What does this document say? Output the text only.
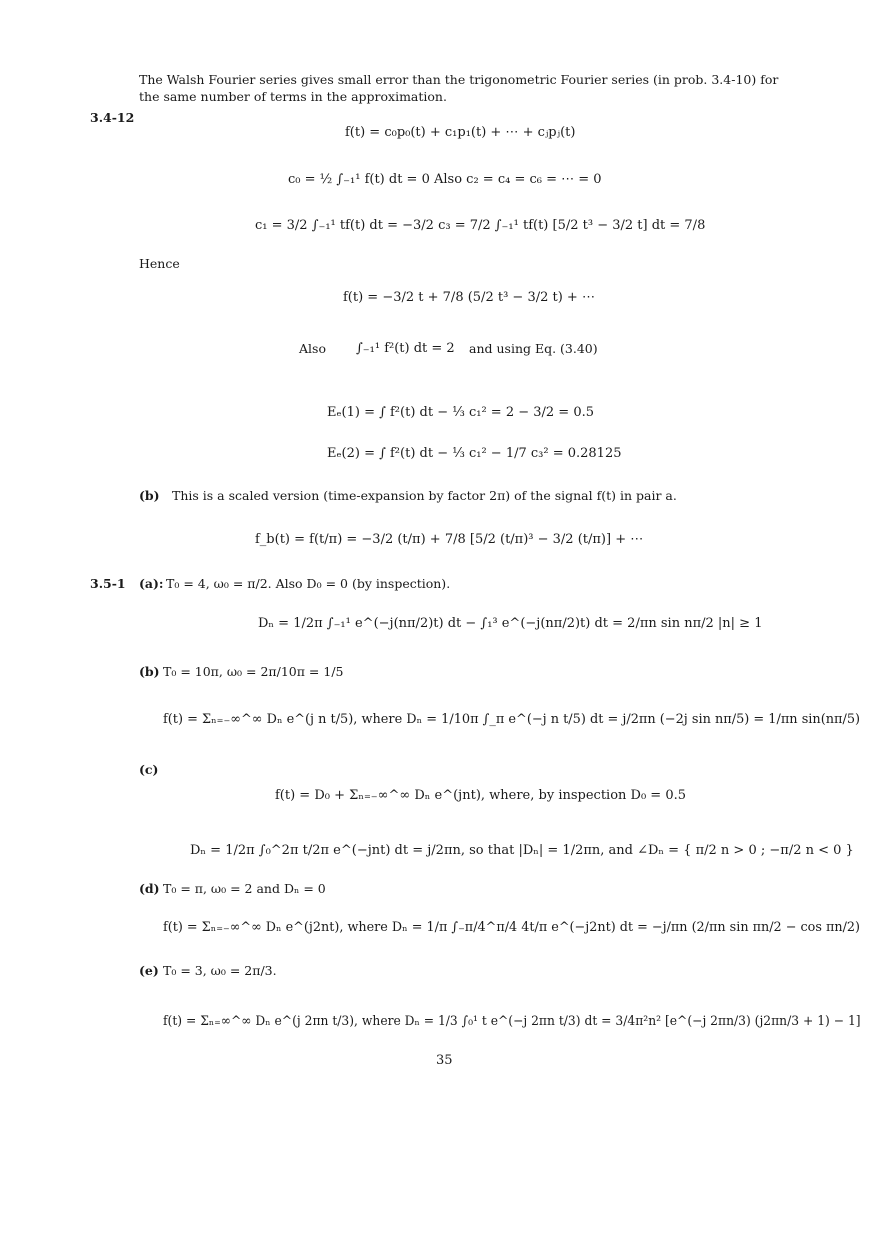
The Walsh Fourier series gives small error than the trigonometric Fourier series (in prob. 3.4-10) for the same number of terms in the approximation.
3.4-12
f(t) = c₀p₀(t) + c₁p₁(t) + ⋯ + cⱼpⱼ(t)
c₀ = ½ ∫₋₁¹ f(t) dt = 0 Also c₂ = c₄ = c₆ = ⋯ = 0
c₁ = 3/2 ∫₋₁¹ tf(t) dt = −3/2 c₃ = 7/2 ∫₋₁¹ tf(t) [5/2 t³ − 3/2 t] dt = 7/8
Hence
f(t) = −3/2 t + 7/8 (5/2 t³ − 3/2 t) + ⋯
Also ∫₋₁¹ f²(t) dt = 2 and using Eq. (3.40)
Eₑ(1) = ∫ f²(t) dt − ⅓ c₁² = 2 − 3/2 = 0.5
Eₑ(2) = ∫ f²(t) dt − ⅓ c₁² − 1/7 c₃² = 0.28125
(b) This is a scaled version (time-expansion by factor 2π) of the signal f(t) in pair a.
f_b(t) = f(t/π) = −3/2 (t/π) + 7/8 [5/2 (t/π)³ − 3/2 (t/π)] + ⋯
3.5-1 (a): T₀ = 4, ω₀ = π/2. Also D₀ = 0 (by inspection).
Dₙ = 1/2π ∫₋₁¹ e^(−j(nπ/2)t) dt − ∫₁³ e^(−j(nπ/2)t) dt = 2/πn sin nπ/2 |n| ≥ 1
(b) T₀ = 10π, ω₀ = 2π/10π = 1/5
f(t) = Σₙ₌₋∞^∞ Dₙ e^(j n t/5), where Dₙ = 1/10π ∫_π e^(−j n t/5) dt = j/2πn (−2j sin nπ/5) = 1/πn sin(nπ/5)
(c)
f(t) = D₀ + Σₙ₌₋∞^∞ Dₙ e^(jnt), where, by inspection D₀ = 0.5
Dₙ = 1/2π ∫₀^2π t/2π e^(−jnt) dt = j/2πn, so that |Dₙ| = 1/2πn, and ∠Dₙ = { π/2 n > 0 ; −π/2 n < 0 }
(d) T₀ = π, ω₀ = 2 and Dₙ = 0
f(t) = Σₙ₌₋∞^∞ Dₙ e^(j2nt), where Dₙ = 1/π ∫₋π/4^π/4 4t/π e^(−j2nt) dt = −j/πn (2/πn sin πn/2 − cos πn/2)
(e) T₀ = 3, ω₀ = 2π/3.
f(t) = Σₙ₌∞^∞ Dₙ e^(j 2πn t/3), where Dₙ = 1/3 ∫₀¹ t e^(−j 2πn t/3) dt = 3/4π²n² [e^(−j 2πn/3) (j2πn/3 + 1) − 1]
35
